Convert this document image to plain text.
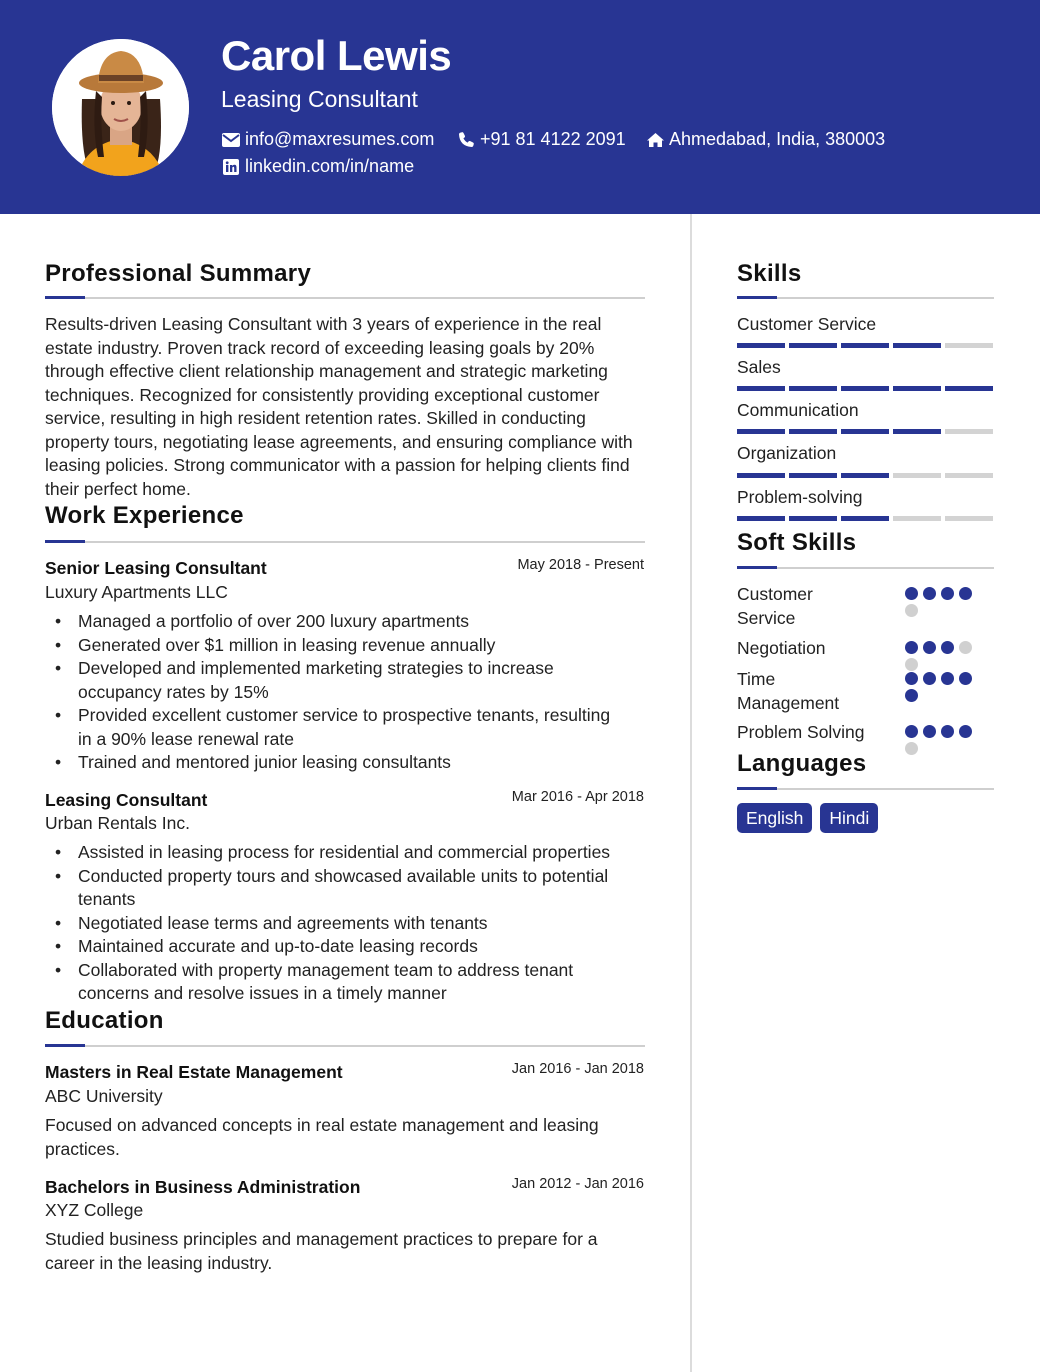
Carol Lewis
Leasing Consultant
info@maxresumes.com	+91 81 4122 2091 Ahmedabad, India, 380003
linkedin.com/in/name
Professional Summary
Results-driven Leasing Consultant with 3 years of experience in the real estate industry. Proven track record of exceeding leasing goals by 20% through effective client relationship management and strategic marketing techniques. Recognized for consistently providing exceptional customer service, resulting in high resident retention rates. Skilled in conducting property tours, negotiating lease agreements, and ensuring compliance with leasing policies. Strong communicator with a passion for helping clients find their perfect home.
Work Experience
Senior Leasing Consultant	May 2018 - Present
Luxury Apartments LLC
• Managed a portfolio of over 200 luxury apartments
• Generated over $1 million in leasing revenue annually
• Developed and implemented marketing strategies to increase occupancy rates by 15%
• Provided excellent customer service to prospective tenants, resulting in a 90% lease renewal rate
• Trained and mentored junior leasing consultants
Leasing Consultant	Mar 2016 - Apr 2018
Urban Rentals Inc.
• Assisted in leasing process for residential and commercial properties
• Conducted property tours and showcased available units to potential tenants
• Negotiated lease terms and agreements with tenants
• Maintained accurate and up-to-date leasing records
• Collaborated with property management team to address tenant concerns and resolve issues in a timely manner
Education
Masters in Real Estate Management	Jan 2016 - Jan 2018
ABC University
Focused on advanced concepts in real estate management and leasing practices.
Bachelors in Business Administration	Jan 2012 - Jan 2016
XYZ College
Studied business principles and management practices to prepare for a career in the leasing industry.
Skills
Customer Service
Sales
Communication
Organization
Problem-solving
Soft Skills
Customer Service
Negotiation
Time Management
Problem Solving
Languages
English	Hindi
